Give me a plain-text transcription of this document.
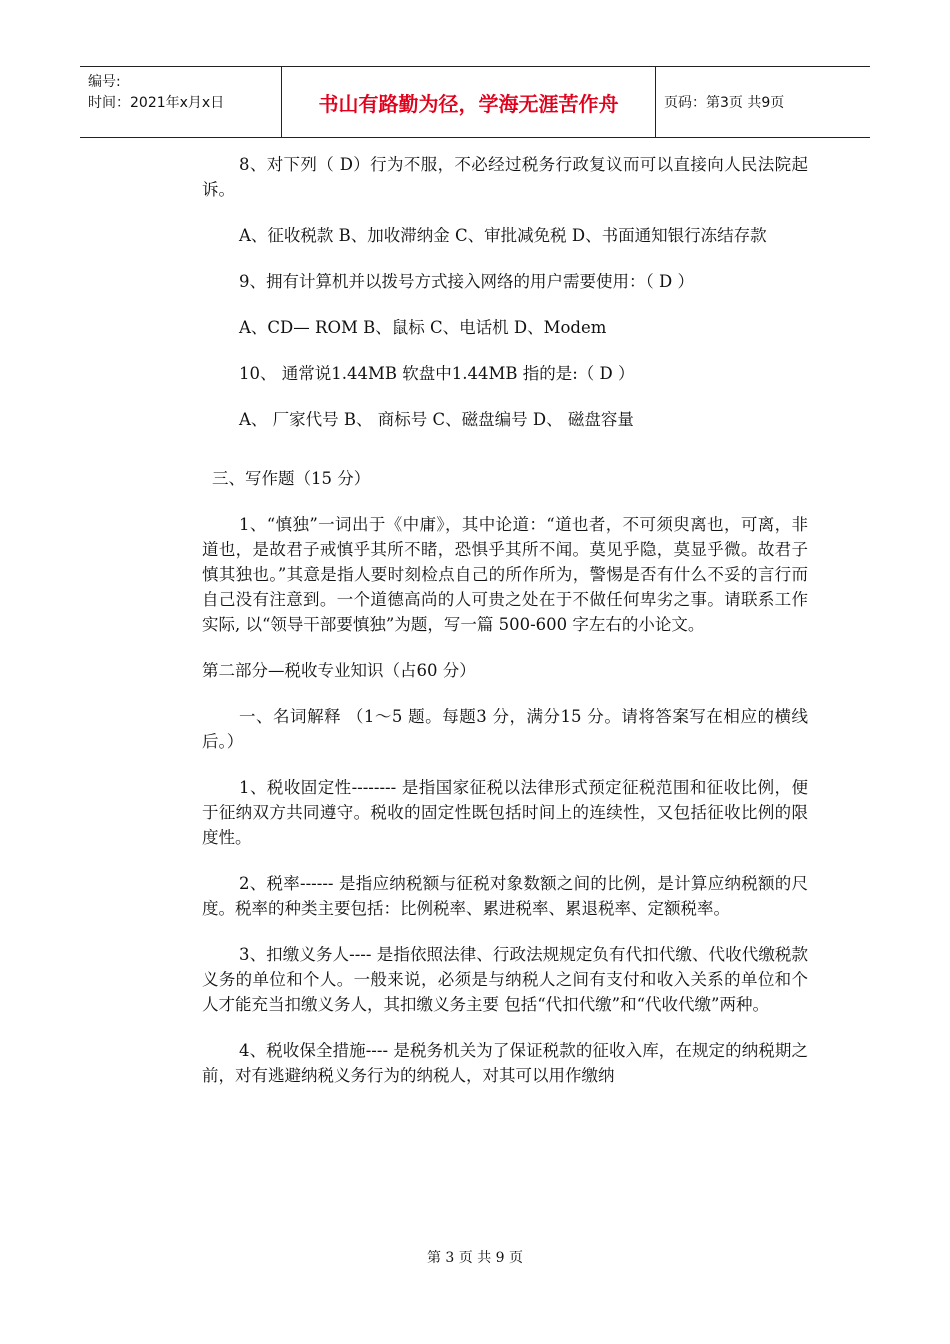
编号:
时间：2021年x月x日	书山有路勤为径，学海无涯苦作舟	页码：第3页 共9页

8、对下列（ D）行为不服，不必经过税务行政复议而可以直接向人民法院起诉。

A、征收税款 B、加收滞纳金 C、审批减免税 D、书面通知银行冻结存款

9、拥有计算机并以拨号方式接入网络的用户需要使用：（ D ）

A、CD— ROM B、鼠标 C、电话机 D、Modem

10、 通常说1.44MB 软盘中1.44MB 指的是:（ D ）

A、 厂家代号 B、 商标号 C、磁盘编号 D、 磁盘容量

三、写作题（15 分）

1、“慎独”一词出于《中庸》，其中论道：“道也者，不可须臾离也，可离，非道也，是故君子戒慎乎其所不睹，恐惧乎其所不闻。莫见乎隐，莫显乎微。故君子慎其独也。”其意是指人要时刻检点自己的所作所为，警惕是否有什么不妥的言行而自己没有注意到。一个道德高尚的人可贵之处在于不做任何卑劣之事。请联系工作实际, 以“领导干部要慎独”为题，写一篇 500-600 字左右的小论文。

第二部分—税收专业知识（占60 分）

一、名词解释 （1～5 题。每题3 分，满分15 分。请将答案写在相应的横线后。）

1、税收固定性-------- 是指国家征税以法律形式预定征税范围和征收比例，便于征纳双方共同遵守。税收的固定性既包括时间上的连续性，又包括征收比例的限度性。

2、税率------ 是指应纳税额与征税对象数额之间的比例，是计算应纳税额的尺度。税率的种类主要包括：比例税率、累进税率、累退税率、定额税率。

3、扣缴义务人---- 是指依照法律、行政法规规定负有代扣代缴、代收代缴税款义务的单位和个人。一般来说，必须是与纳税人之间有支付和收入关系的单位和个人才能充当扣缴义务人，其扣缴义务主要 包括“代扣代缴”和“代收代缴”两种。

4、税收保全措施---- 是税务机关为了保证税款的征收入库，在规定的纳税期之前，对有逃避纳税义务行为的纳税人，对其可以用作缴纳

第 3 页 共 9 页
